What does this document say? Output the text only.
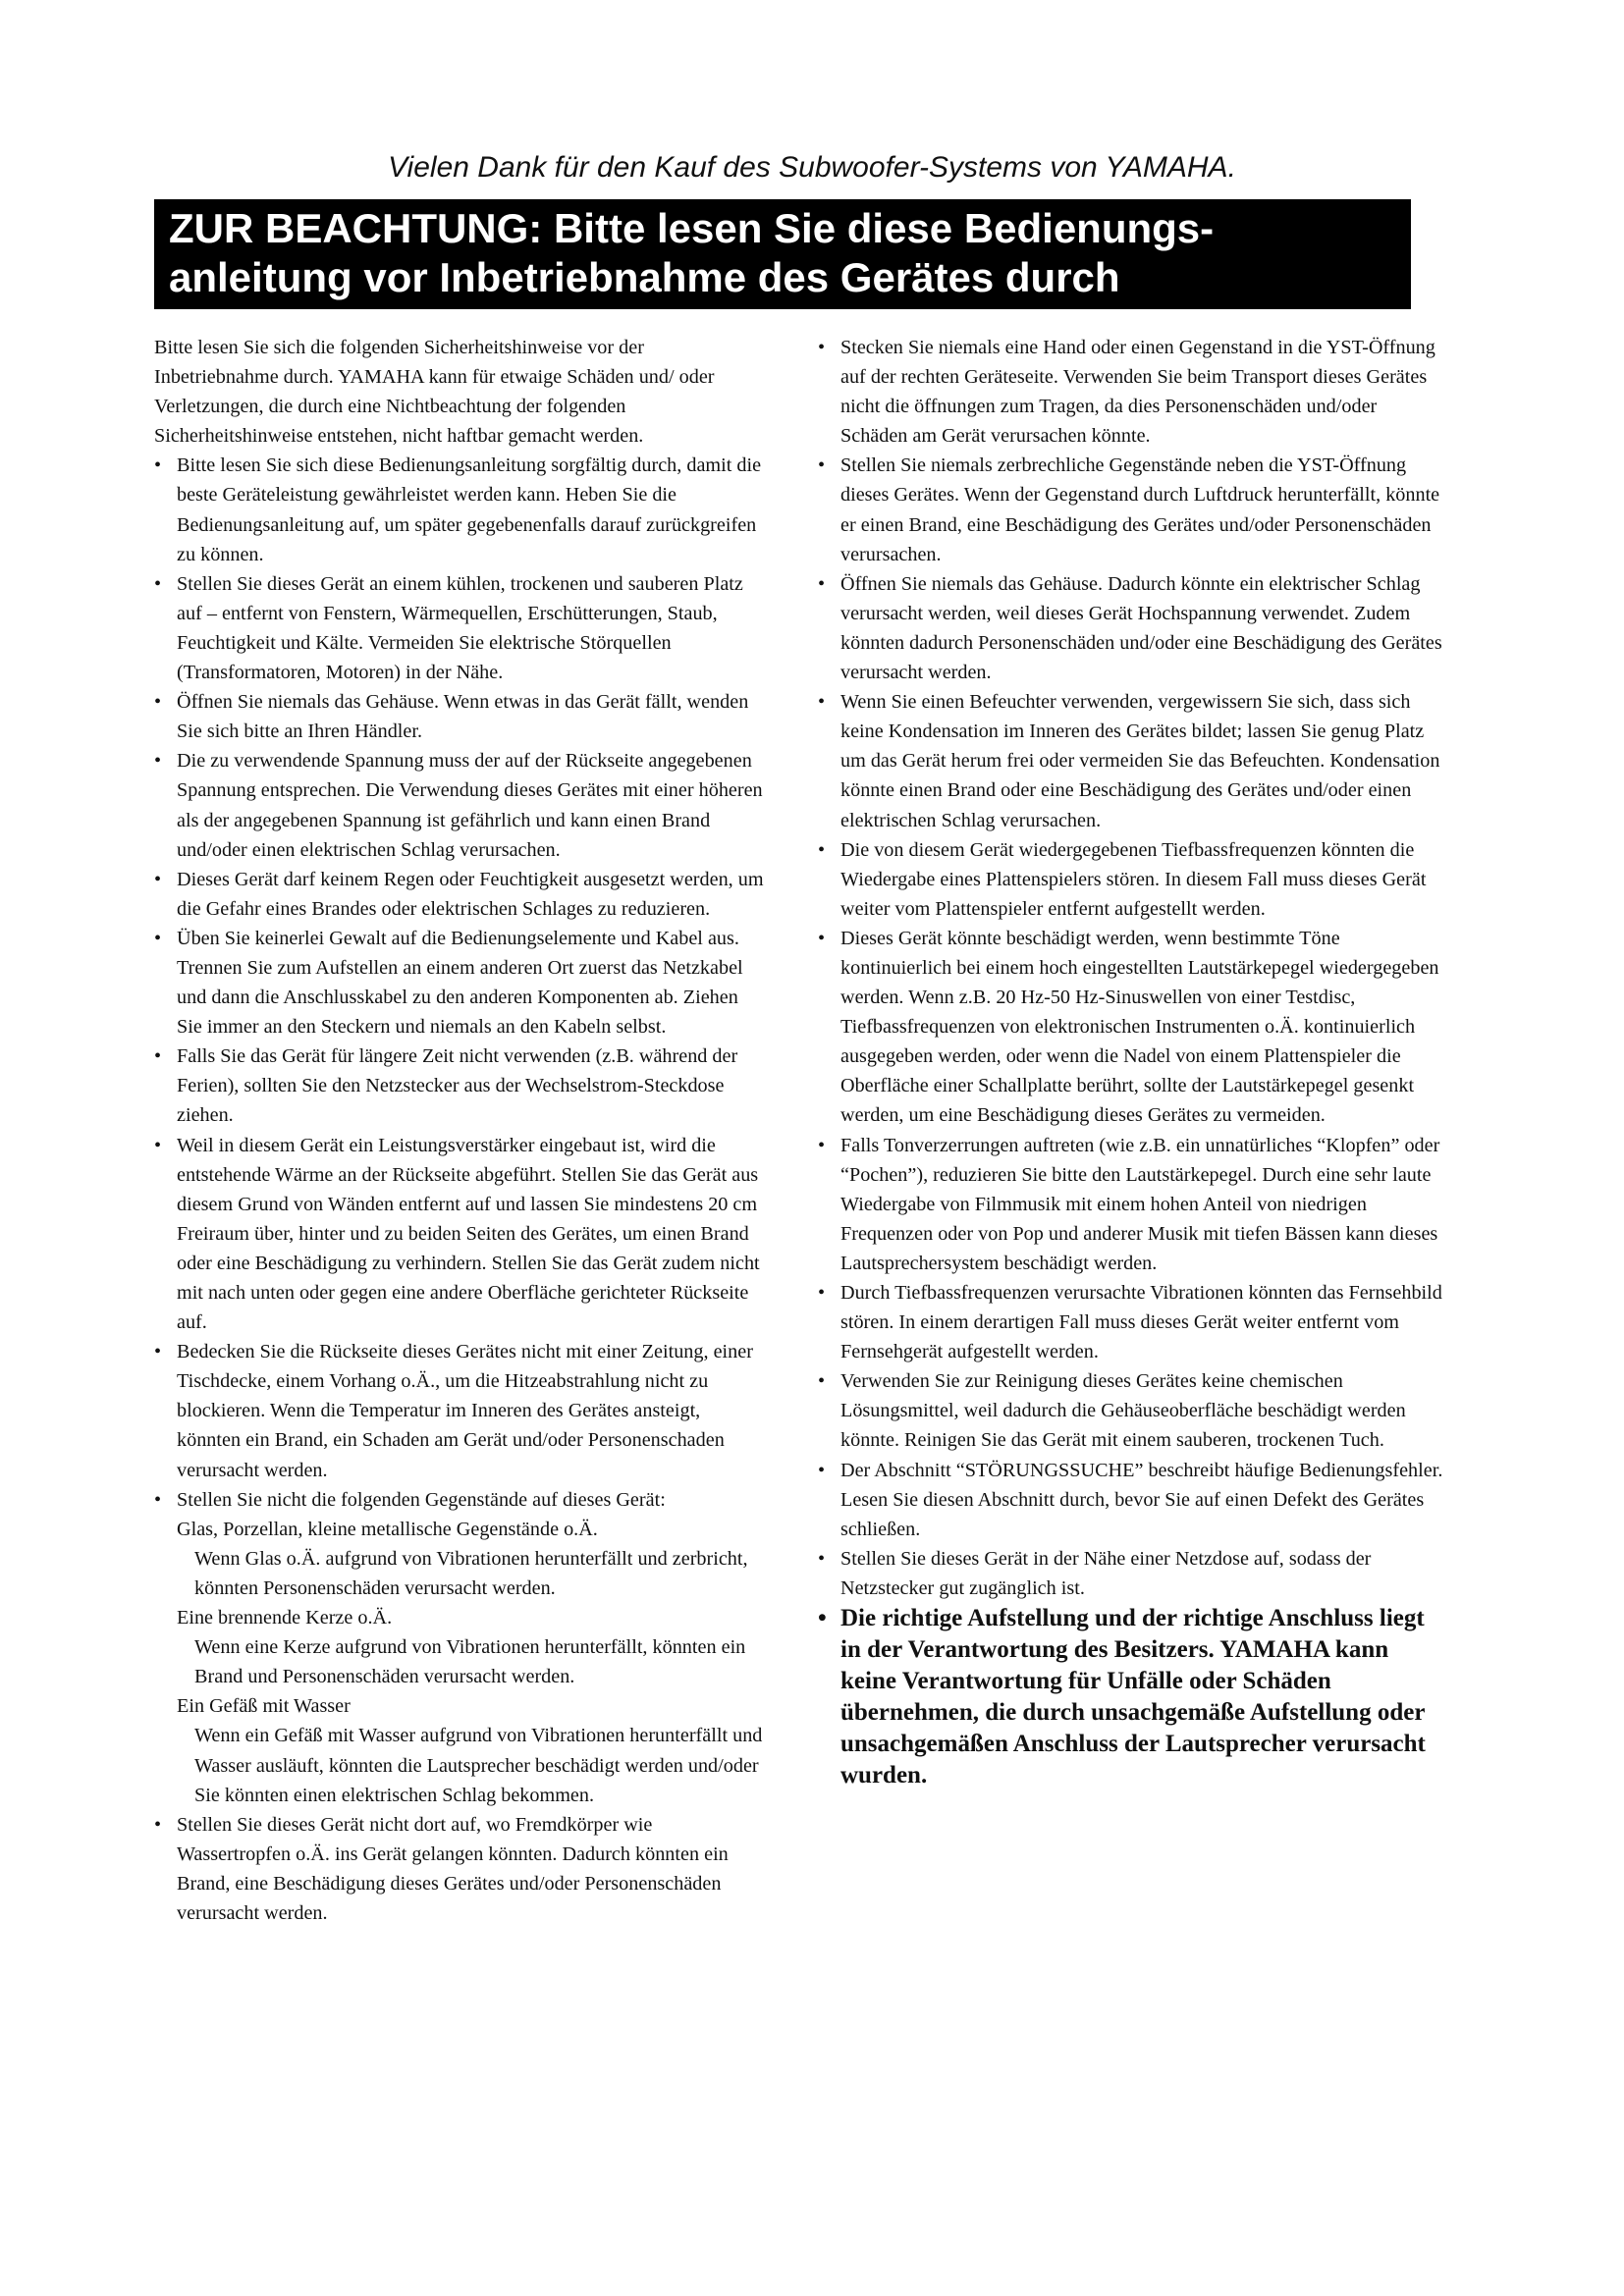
Vielen Dank für den Kauf des Subwoofer-Systems von YAMAHA.
ZUR BEACHTUNG: Bitte lesen Sie diese Bedienungs-
anleitung vor Inbetriebnahme des Gerätes durch

Bitte lesen Sie sich die folgenden Sicherheitshinweise vor der Inbetriebnahme durch. YAMAHA kann für etwaige Schäden und/ oder Verletzungen, die durch eine Nichtbeachtung der folgenden Sicherheitshinweise entstehen, nicht haftbar gemacht werden.

• Bitte lesen Sie sich diese Bedienungsanleitung sorgfältig durch, damit die beste Geräteleistung gewährleistet werden kann. Heben Sie die Bedienungsanleitung auf, um später gegebenenfalls darauf zurückgreifen zu können.
• Stellen Sie dieses Gerät an einem kühlen, trockenen und sauberen Platz auf – entfernt von Fenstern, Wärmequellen, Erschütterungen, Staub, Feuchtigkeit und Kälte. Vermeiden Sie elektrische Störquellen (Transformatoren, Motoren) in der Nähe.
• Öffnen Sie niemals das Gehäuse. Wenn etwas in das Gerät fällt, wenden Sie sich bitte an Ihren Händler.
• Die zu verwendende Spannung muss der auf der Rückseite angegebenen Spannung entsprechen. Die Verwendung dieses Gerätes mit einer höheren als der angegebenen Spannung ist gefährlich und kann einen Brand und/oder einen elektrischen Schlag verursachen.
• Dieses Gerät darf keinem Regen oder Feuchtigkeit ausgesetzt werden, um die Gefahr eines Brandes oder elektrischen Schlages zu reduzieren.
• Üben Sie keinerlei Gewalt auf die Bedienungselemente und Kabel aus. Trennen Sie zum Aufstellen an einem anderen Ort zuerst das Netzkabel und dann die Anschlusskabel zu den anderen Komponenten ab. Ziehen Sie immer an den Steckern und niemals an den Kabeln selbst.
• Falls Sie das Gerät für längere Zeit nicht verwenden (z.B. während der Ferien), sollten Sie den Netzstecker aus der Wechselstrom-Steckdose ziehen.
• Weil in diesem Gerät ein Leistungsverstärker eingebaut ist, wird die entstehende Wärme an der Rückseite abgeführt. Stellen Sie das Gerät aus diesem Grund von Wänden entfernt auf und lassen Sie mindestens 20 cm Freiraum über, hinter und zu beiden Seiten des Gerätes, um einen Brand oder eine Beschädigung zu verhindern. Stellen Sie das Gerät zudem nicht mit nach unten oder gegen eine andere Oberfläche gerichteter Rückseite auf.
• Bedecken Sie die Rückseite dieses Gerätes nicht mit einer Zeitung, einer Tischdecke, einem Vorhang o.Ä., um die Hitzeabstrahlung nicht zu blockieren. Wenn die Temperatur im Inneren des Gerätes ansteigt, könnten ein Brand, ein Schaden am Gerät und/oder Personenschaden verursacht werden.
• Stellen Sie nicht die folgenden Gegenstände auf dieses Gerät:
Glas, Porzellan, kleine metallische Gegenstände o.Ä.
Wenn Glas o.Ä. aufgrund von Vibrationen herunterfällt und zerbricht, könnten Personenschäden verursacht werden.
Eine brennende Kerze o.Ä.
Wenn eine Kerze aufgrund von Vibrationen herunterfällt, könnten ein Brand und Personenschäden verursacht werden.
Ein Gefäß mit Wasser
Wenn ein Gefäß mit Wasser aufgrund von Vibrationen herunterfällt und Wasser ausläuft, könnten die Lautsprecher beschädigt werden und/oder Sie könnten einen elektrischen Schlag bekommen.
• Stellen Sie dieses Gerät nicht dort auf, wo Fremdkörper wie Wassertropfen o.Ä. ins Gerät gelangen könnten. Dadurch könnten ein Brand, eine Beschädigung dieses Gerätes und/oder Personenschäden verursacht werden.
• Stecken Sie niemals eine Hand oder einen Gegenstand in die YST-Öffnung auf der rechten Geräteseite. Verwenden Sie beim Transport dieses Gerätes nicht die öffnungen zum Tragen, da dies Personenschäden und/oder Schäden am Gerät verursachen könnte.
• Stellen Sie niemals zerbrechliche Gegenstände neben die YST-Öffnung dieses Gerätes. Wenn der Gegenstand durch Luftdruck herunterfällt, könnte er einen Brand, eine Beschädigung des Gerätes und/oder Personenschäden verursachen.
• Öffnen Sie niemals das Gehäuse. Dadurch könnte ein elektrischer Schlag verursacht werden, weil dieses Gerät Hochspannung verwendet. Zudem könnten dadurch Personenschäden und/oder eine Beschädigung des Gerätes verursacht werden.
• Wenn Sie einen Befeuchter verwenden, vergewissern Sie sich, dass sich keine Kondensation im Inneren des Gerätes bildet; lassen Sie genug Platz um das Gerät herum frei oder vermeiden Sie das Befeuchten. Kondensation könnte einen Brand oder eine Beschädigung des Gerätes und/oder einen elektrischen Schlag verursachen.
• Die von diesem Gerät wiedergegebenen Tiefbassfrequenzen könnten die Wiedergabe eines Plattenspielers stören. In diesem Fall muss dieses Gerät weiter vom Plattenspieler entfernt aufgestellt werden.
• Dieses Gerät könnte beschädigt werden, wenn bestimmte Töne kontinuierlich bei einem hoch eingestellten Lautstärkepegel wiedergegeben werden. Wenn z.B. 20 Hz-50 Hz-Sinuswellen von einer Testdisc, Tiefbassfrequenzen von elektronischen Instrumenten o.Ä. kontinuierlich ausgegeben werden, oder wenn die Nadel von einem Plattenspieler die Oberfläche einer Schallplatte berührt, sollte der Lautstärkepegel gesenkt werden, um eine Beschädigung dieses Gerätes zu vermeiden.
• Falls Tonverzerrungen auftreten (wie z.B. ein unnatürliches “Klopfen” oder “Pochen”), reduzieren Sie bitte den Lautstärkepegel. Durch eine sehr laute Wiedergabe von Filmmusik mit einem hohen Anteil von niedrigen Frequenzen oder von Pop und anderer Musik mit tiefen Bässen kann dieses Lautsprechersystem beschädigt werden.
• Durch Tiefbassfrequenzen verursachte Vibrationen könnten das Fernsehbild stören. In einem derartigen Fall muss dieses Gerät weiter entfernt vom Fernsehgerät aufgestellt werden.
• Verwenden Sie zur Reinigung dieses Gerätes keine chemischen Lösungsmittel, weil dadurch die Gehäuseoberfläche beschädigt werden könnte. Reinigen Sie das Gerät mit einem sauberen, trockenen Tuch.
• Der Abschnitt “STÖRUNGSSUCHE” beschreibt häufige Bedienungsfehler. Lesen Sie diesen Abschnitt durch, bevor Sie auf einen Defekt des Gerätes schließen.
• Stellen Sie dieses Gerät in der Nähe einer Netzdose auf, sodass der Netzstecker gut zugänglich ist.
• Die richtige Aufstellung und der richtige Anschluss liegt in der Verantwortung des Besitzers. YAMAHA kann keine Verantwortung für Unfälle oder Schäden übernehmen, die durch unsachgemäße Aufstellung oder unsachgemäßen Anschluss der Lautsprecher verursacht wurden.
